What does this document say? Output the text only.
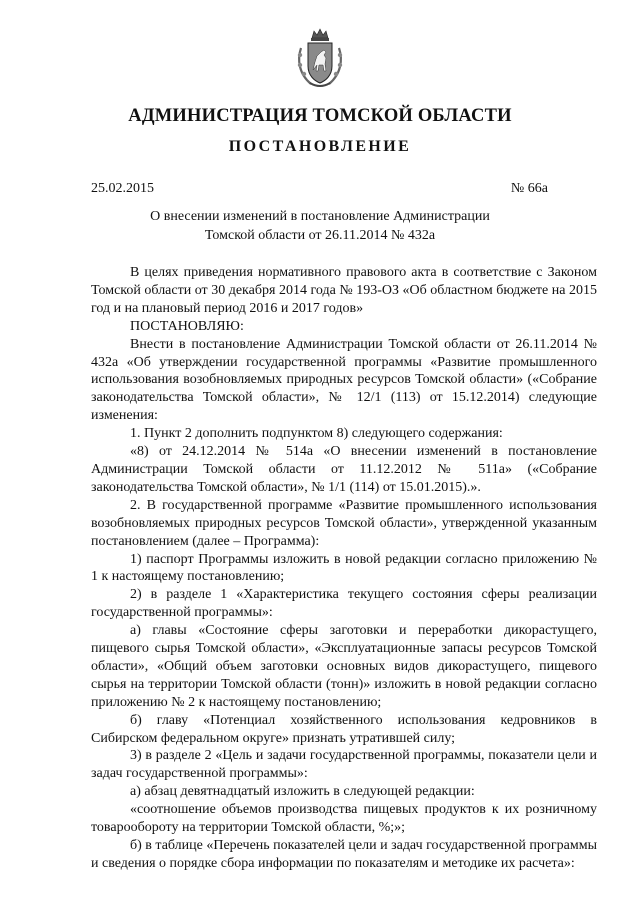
АДМИНИСТРАЦИЯ ТОМСКОЙ ОБЛАСТИ
ПОСТАНОВЛЕНИЕ
25.02.2015	№ 66а
О внесении изменений в постановление Администрации
Томской области от 26.11.2014 № 432а

В целях приведения нормативного правового акта в соответствие с Законом Томской области от 30 декабря 2014 года № 193-ОЗ «Об областном бюджете на 2015 год и на плановый период 2016 и 2017 годов»

ПОСТАНОВЛЯЮ:

Внести в постановление Администрации Томской области от 26.11.2014 № 432а «Об утверждении государственной программы «Развитие промышленного использования возобновляемых природных ресурсов Томской области» («Собрание законодательства Томской области», № 12/1 (113) от 15.12.2014) следующие изменения:

1. Пункт 2 дополнить подпунктом 8) следующего содержания:

«8) от 24.12.2014 № 514а «О внесении изменений в постановление Администрации Томской области от 11.12.2012 № 511а» («Собрание законодательства Томской области», № 1/1 (114) от 15.01.2015).».

2. В государственной программе «Развитие промышленного использования возобновляемых природных ресурсов Томской области», утвержденной указанным постановлением (далее – Программа):

1) паспорт Программы изложить в новой редакции согласно приложению № 1 к настоящему постановлению;

2) в разделе 1 «Характеристика текущего состояния сферы реализации государственной программы»:

а) главы «Состояние сферы заготовки и переработки дикорастущего, пищевого сырья Томской области», «Эксплуатационные запасы ресурсов Томской области», «Общий объем заготовки основных видов дикорастущего, пищевого сырья на территории Томской области (тонн)» изложить в новой редакции согласно приложению № 2 к настоящему постановлению;

б) главу «Потенциал хозяйственного использования кедровников в Сибирском федеральном округе» признать утратившей силу;

3) в разделе 2 «Цель и задачи государственной программы, показатели цели и задач государственной программы»:

а) абзац девятнадцатый изложить в следующей редакции:

«соотношение объемов производства пищевых продуктов к их розничному товарообороту на территории Томской области, %;»;

б) в таблице «Перечень показателей цели и задач государственной программы и сведения о порядке сбора информации по показателям и методике их расчета»:
